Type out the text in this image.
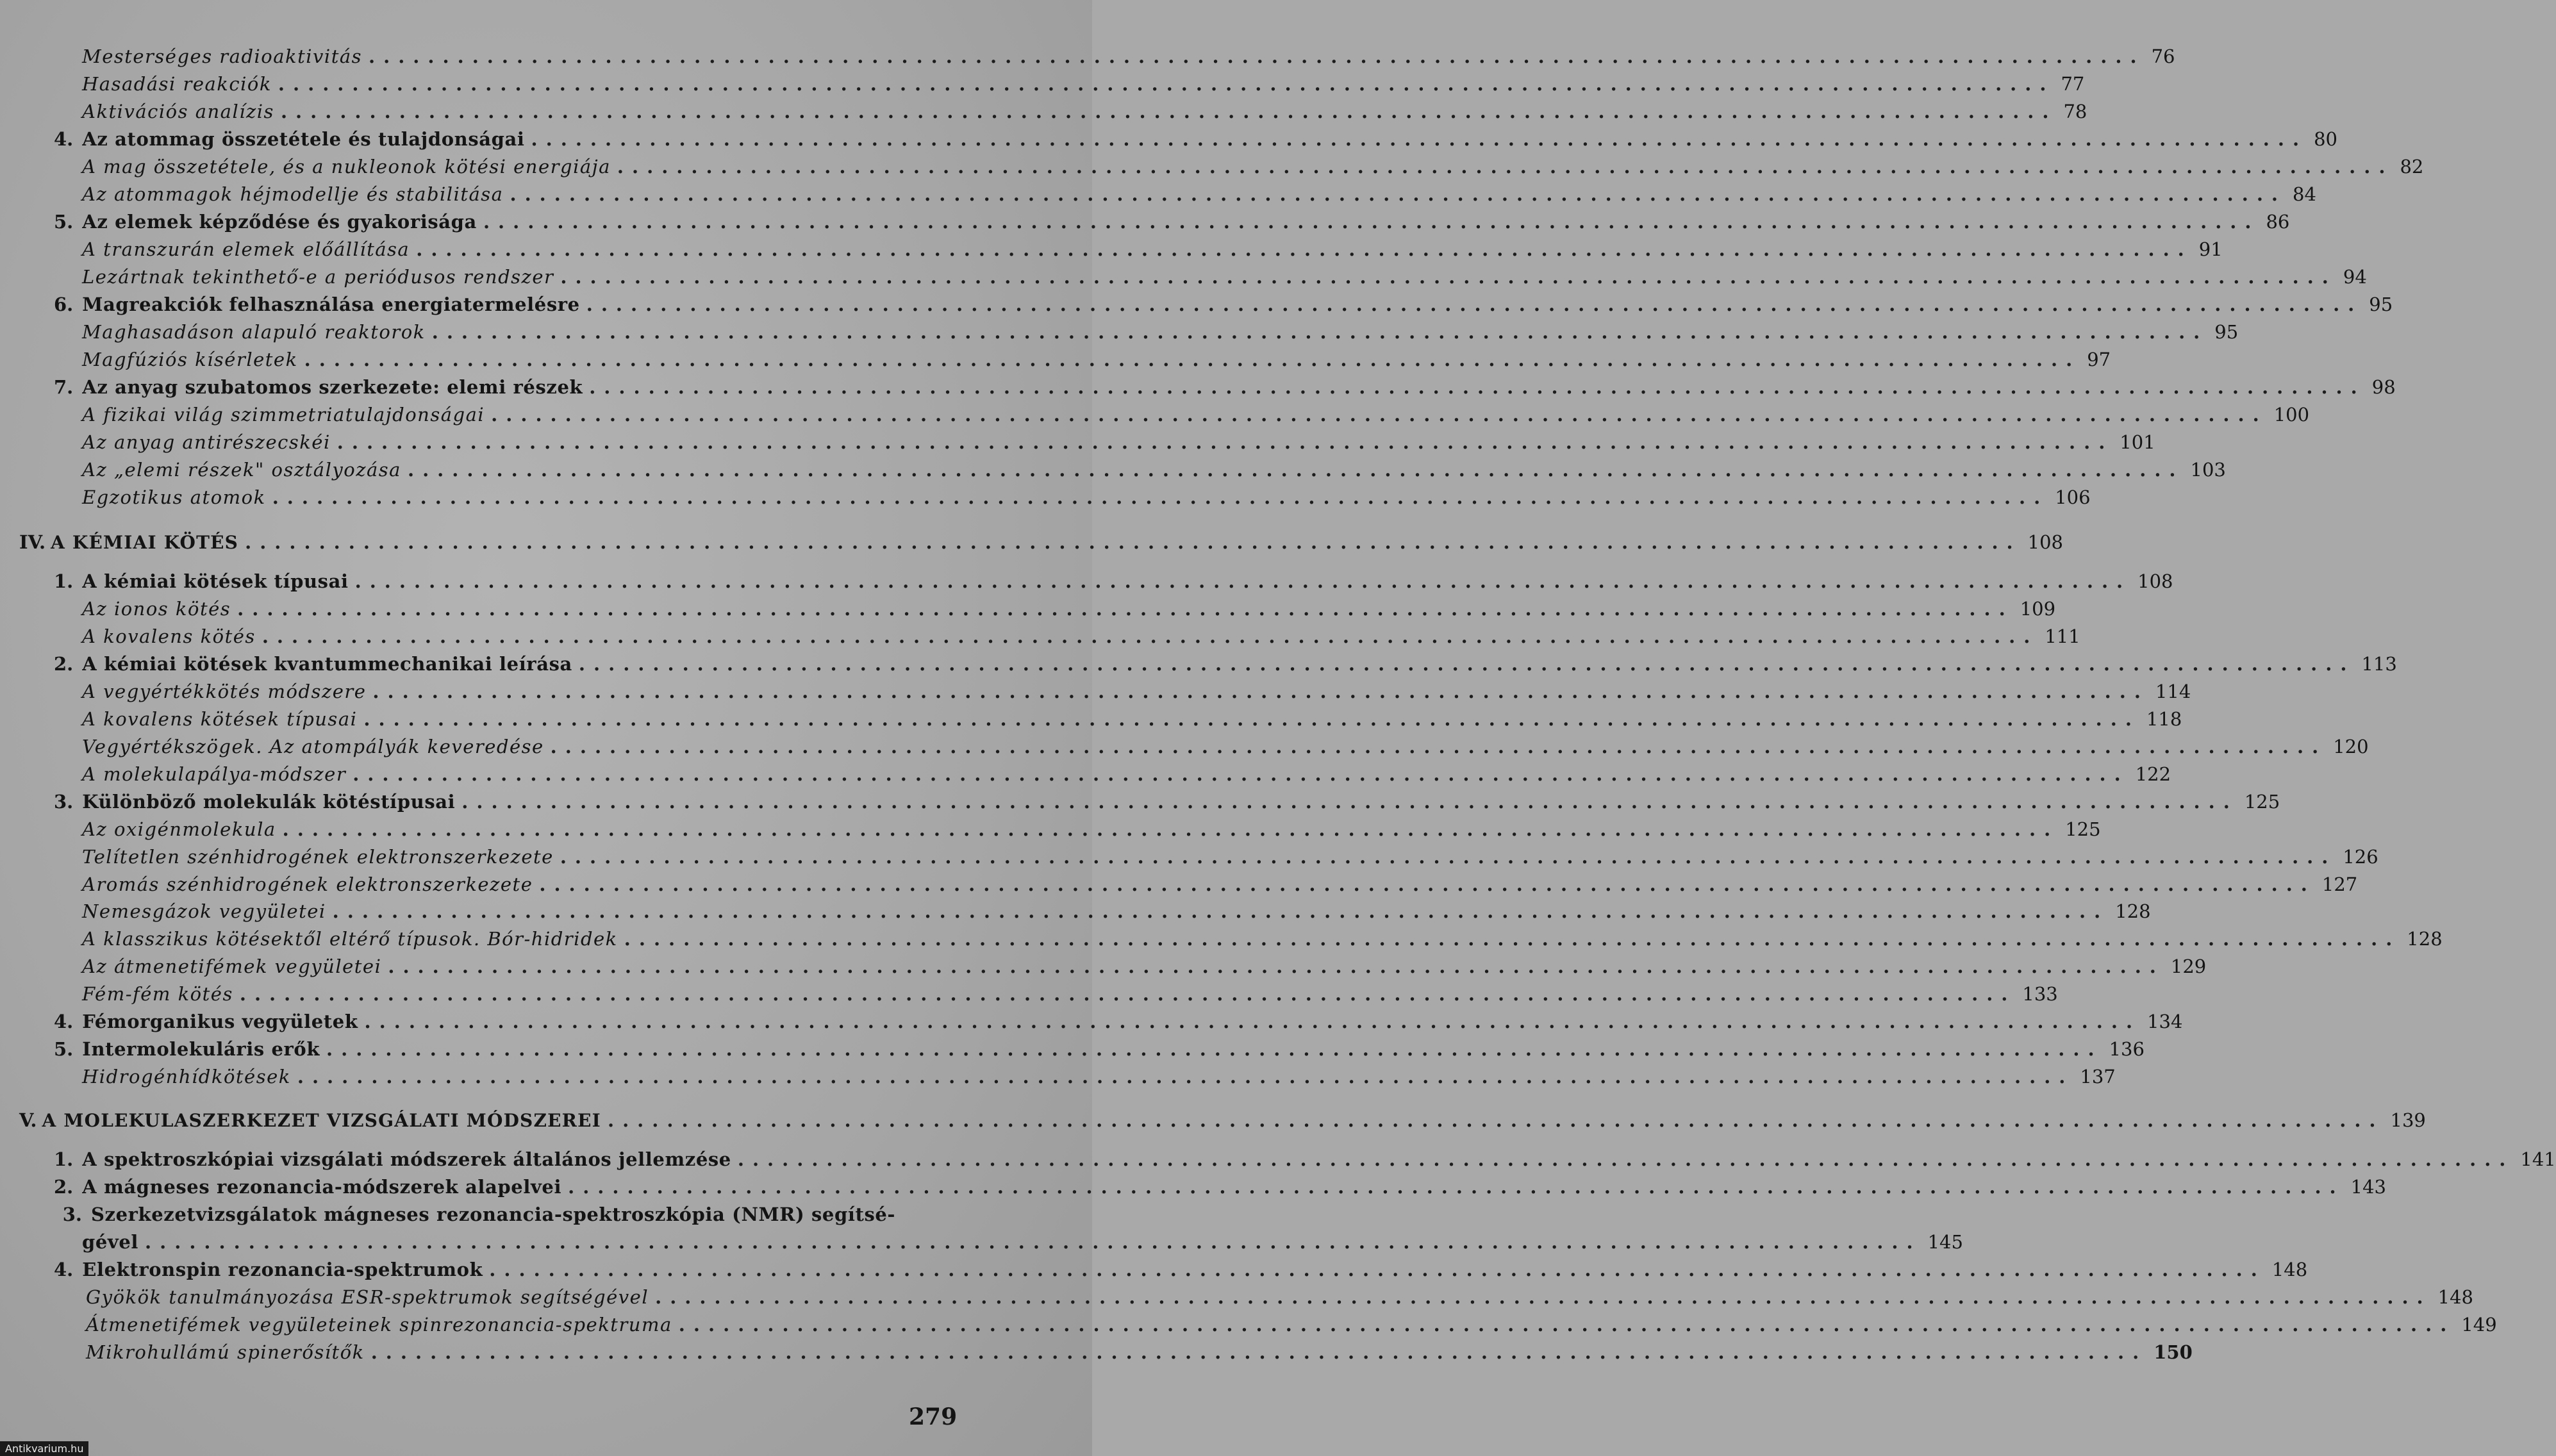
Mesterséges radioaktivitás ........................................................................................................................ 76
Hasadási reakciók ........................................................................................................................ 77
Aktivációs analízis ........................................................................................................................ 78
4. Az atommag összetétele és tulajdonságai ........................................................................................................................ 80
A mag összetétele, és a nukleonok kötési energiája ........................................................................................................................ 82
Az atommagok héjmodellje és stabilitása ........................................................................................................................ 84
5. Az elemek képződése és gyakorisága ........................................................................................................................ 86
A transzurán elemek előállítása ........................................................................................................................ 91
Lezártnak tekinthető-e a periódusos rendszer ........................................................................................................................ 94
6. Magreakciók felhasználása energiatermelésre ........................................................................................................................ 95
Maghasadáson alapuló reaktorok ........................................................................................................................ 95
Magfúziós kísérletek ........................................................................................................................ 97
7. Az anyag szubatomos szerkezete: elemi részek ........................................................................................................................ 98
A fizikai világ szimmetriatulajdonságai ........................................................................................................................ 100
Az anyag antirészecskéi ........................................................................................................................ 101
Az „elemi részek" osztályozása ........................................................................................................................ 103
Egzotikus atomok ........................................................................................................................ 106
IV. A KÉMIAI KÖTÉS ........................................................................................................................ 108
1. A kémiai kötések típusai ........................................................................................................................ 108
Az ionos kötés ........................................................................................................................ 109
A kovalens kötés ........................................................................................................................ 111
2. A kémiai kötések kvantummechanikai leírása ........................................................................................................................ 113
A vegyértékkötés módszere ........................................................................................................................ 114
A kovalens kötések típusai ........................................................................................................................ 118
Vegyértékszögek. Az atompályák keveredése ........................................................................................................................ 120
A molekulapálya-módszer ........................................................................................................................ 122
3. Különböző molekulák kötéstípusai ........................................................................................................................ 125
Az oxigénmolekula ........................................................................................................................ 125
Telítetlen szénhidrogének elektronszerkezete ........................................................................................................................ 126
Aromás szénhidrogének elektronszerkezete ........................................................................................................................ 127
Nemesgázok vegyületei ........................................................................................................................ 128
A klasszikus kötésektől eltérő típusok. Bór-hidridek ........................................................................................................................ 128
Az átmenetifémek vegyületei ........................................................................................................................ 129
Fém-fém kötés ........................................................................................................................ 133
4. Fémorganikus vegyületek ........................................................................................................................ 134
5. Intermolekuláris erők ........................................................................................................................ 136
Hidrogénhídkötések ........................................................................................................................ 137
V. A MOLEKULASZERKEZET VIZSGÁLATI MÓDSZEREI ........................................................................................................................ 139
1. A spektroszkópiai vizsgálati módszerek általános jellemzése ........................................................................................................................ 141
2. A mágneses rezonancia-módszerek alapelvei ........................................................................................................................ 143
3. Szerkezetvizsgálatok mágneses rezonancia-spektroszkópia (NMR) segítsé-
gével ........................................................................................................................ 145
4. Elektronspin rezonancia-spektrumok ........................................................................................................................ 148
Gyökök tanulmányozása ESR-spektrumok segítségével ........................................................................................................................ 148
Átmenetifémek vegyületeinek spinrezonancia-spektruma ........................................................................................................................ 149
Mikrohullámú spinerősítők ........................................................................................................................ 150
279
Antikvarium.hu
